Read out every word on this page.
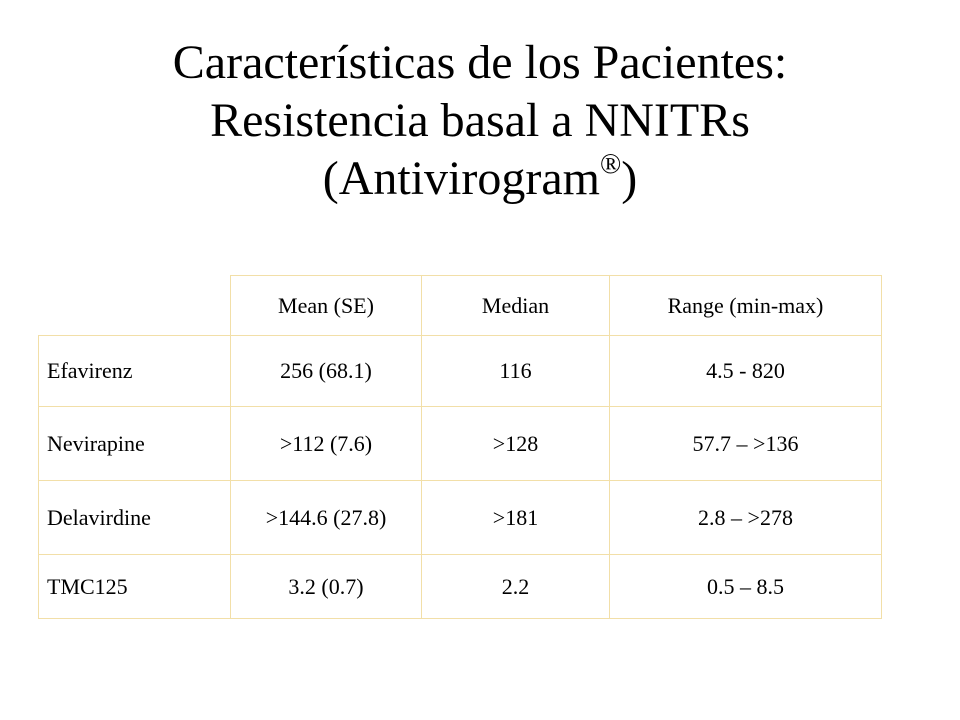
Características de los Pacientes:
Resistencia basal a NNITRs
(Antivirogram®)
	Mean (SE)	Median	Range (min-max)
Efavirenz	256 (68.1)	116	4.5 - 820
Nevirapine	>112 (7.6)	>128	57.7 – >136
Delavirdine	>144.6 (27.8)	>181	2.8 – >278
TMC125	3.2 (0.7)	2.2	0.5 – 8.5
